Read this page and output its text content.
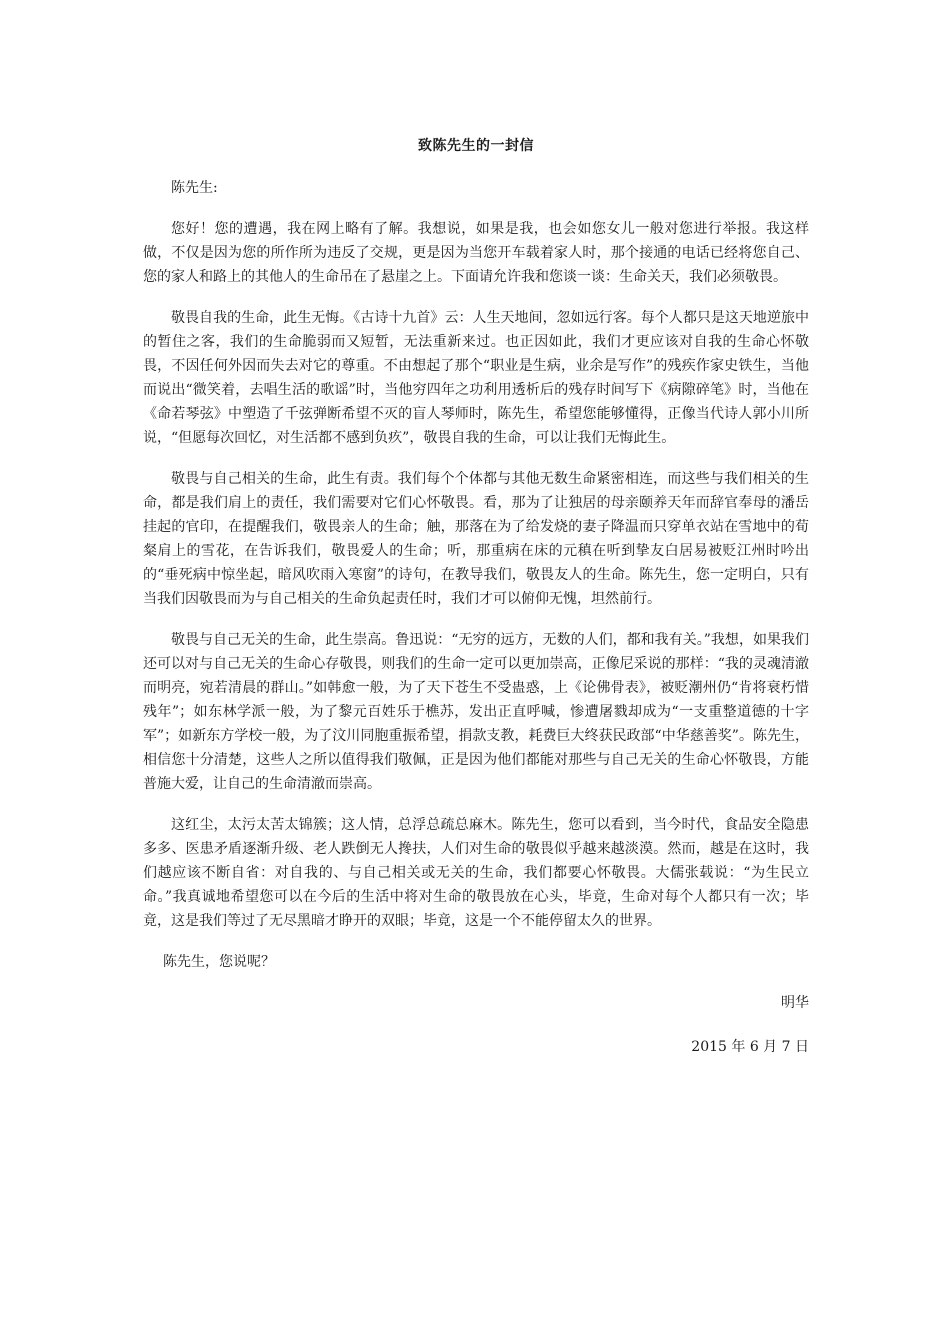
致陈先生的一封信

陈先生:

您好！您的遭遇，我在网上略有了解。我想说，如果是我，也会如您女儿一般对您进行举报。我这样做，不仅是因为您的所作所为违反了交规，更是因为当您开车载着家人时，那个接通的电话已经将您自己、您的家人和路上的其他人的生命吊在了悬崖之上。下面请允许我和您谈一谈：生命关天，我们必须敬畏。

敬畏自我的生命，此生无悔。《古诗十九首》云：人生天地间，忽如远行客。每个人都只是这天地逆旅中的暂住之客，我们的生命脆弱而又短暂，无法重新来过。也正因如此，我们才更应该对自我的生命心怀敬畏，不因任何外因而失去对它的尊重。不由想起了那个“职业是生病，业余是写作”的残疾作家史铁生，当他而说出“微笑着，去唱生活的歌谣”时，当他穷四年之功利用透析后的残存时间写下《病隙碎笔》时，当他在《命若琴弦》中塑造了千弦弹断希望不灭的盲人琴师时，陈先生，希望您能够懂得，正像当代诗人郭小川所说，“但愿每次回忆，对生活都不感到负疚”，敬畏自我的生命，可以让我们无悔此生。

敬畏与自己相关的生命，此生有责。我们每个个体都与其他无数生命紧密相连，而这些与我们相关的生命，都是我们肩上的责任，我们需要对它们心怀敬畏。看，那为了让独居的母亲颐养天年而辞官奉母的潘岳挂起的官印，在提醒我们，敬畏亲人的生命；触，那落在为了给发烧的妻子降温而只穿单衣站在雪地中的荀粲肩上的雪花，在告诉我们，敬畏爱人的生命；听，那重病在床的元稹在听到挚友白居易被贬江州时吟出的“垂死病中惊坐起，暗风吹雨入寒窗”的诗句，在教导我们，敬畏友人的生命。陈先生，您一定明白，只有当我们因敬畏而为与自己相关的生命负起责任时，我们才可以俯仰无愧，坦然前行。

敬畏与自己无关的生命，此生崇高。鲁迅说：“无穷的远方，无数的人们，都和我有关。”我想，如果我们还可以对与自己无关的生命心存敬畏，则我们的生命一定可以更加崇高，正像尼采说的那样：“我的灵魂清澈而明亮，宛若清晨的群山。”如韩愈一般，为了天下苍生不受蛊惑，上《论佛骨表》，被贬潮州仍“肯将衰朽惜残年”；如东林学派一般，为了黎元百姓乐于樵苏，发出正直呼喊，惨遭屠戮却成为“一支重整道德的十字军”；如新东方学校一般，为了汶川同胞重振希望，捐款支教，耗费巨大终获民政部“中华慈善奖”。陈先生，相信您十分清楚，这些人之所以值得我们敬佩，正是因为他们都能对那些与自己无关的生命心怀敬畏，方能普施大爱，让自己的生命清澈而崇高。

这红尘，太污太苦太锦簇；这人情，总浮总疏总麻木。陈先生，您可以看到，当今时代，食品安全隐患多多、医患矛盾逐渐升级、老人跌倒无人搀扶，人们对生命的敬畏似乎越来越淡漠。然而，越是在这时，我们越应该不断自省：对自我的、与自己相关或无关的生命，我们都要心怀敬畏。大儒张载说：“为生民立命。”我真诚地希望您可以在今后的生活中将对生命的敬畏放在心头，毕竟，生命对每个人都只有一次；毕竟，这是我们等过了无尽黑暗才睁开的双眼；毕竟，这是一个不能停留太久的世界。

陈先生，您说呢？

明华

2015 年 6 月 7 日
